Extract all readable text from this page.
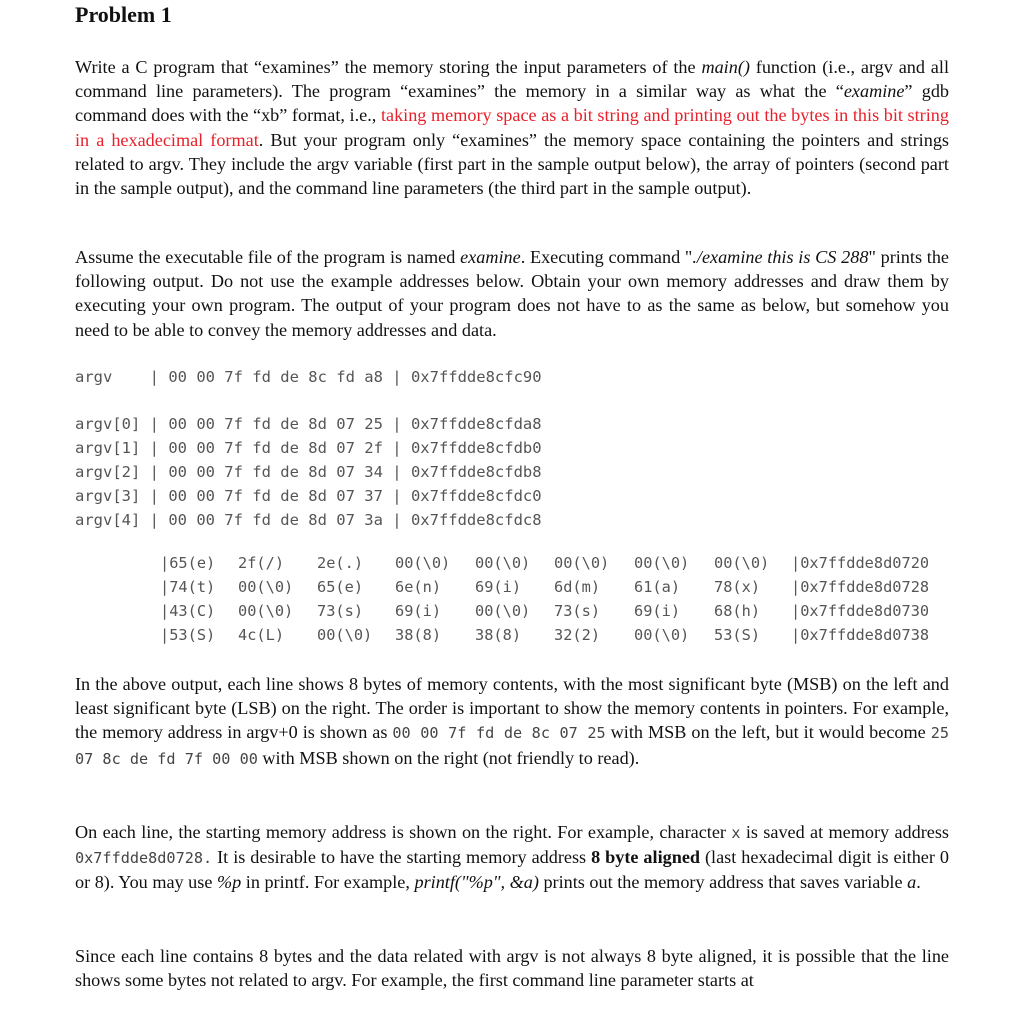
Problem 1

Write a C program that “examines” the memory storing the input parameters of the main() function (i.e., argv and all command line parameters). The program “examines” the memory in a similar way as what the “examine” gdb command does with the “xb” format, i.e., taking memory space as a bit string and printing out the bytes in this bit string in a hexadecimal format. But your program only “examines” the memory space containing the pointers and strings related to argv. They include the argv variable (first part in the sample output below), the array of pointers (second part in the sample output), and the command line parameters (the third part in the sample output).

Assume the executable file of the program is named examine. Executing command "./examine this is CS 288" prints the following output. Do not use the example addresses below. Obtain your own memory addresses and draw them by executing your own program. The output of your program does not have to as the same as below, but somehow you need to be able to convey the memory addresses and data.

argv    | 00 00 7f fd de 8c fd a8 | 0x7ffdde8cfc90
argv[0] | 00 00 7f fd de 8d 07 25 | 0x7ffdde8cfda8
argv[1] | 00 00 7f fd de 8d 07 2f | 0x7ffdde8cfdb0
argv[2] | 00 00 7f fd de 8d 07 34 | 0x7ffdde8cfdb8
argv[3] | 00 00 7f fd de 8d 07 37 | 0x7ffdde8cfdc0
argv[4] | 00 00 7f fd de 8d 07 3a | 0x7ffdde8cfdc8
|65(e) 2f(/) 2e(.) 00(\0) 00(\0) 00(\0) 00(\0) 00(\0) |0x7ffdde8d0720
|74(t) 00(\0) 65(e) 6e(n) 69(i) 6d(m) 61(a) 78(x) |0x7ffdde8d0728
|43(C) 00(\0) 73(s) 69(i) 00(\0) 73(s) 69(i) 68(h) |0x7ffdde8d0730
|53(S) 4c(L) 00(\0) 38(8) 38(8) 32(2) 00(\0) 53(S) |0x7ffdde8d0738

In the above output, each line shows 8 bytes of memory contents, with the most significant byte (MSB) on the left and least significant byte (LSB) on the right. The order is important to show the memory contents in pointers. For example, the memory address in argv+0 is shown as 00 00 7f fd de 8c 07 25 with MSB on the left, but it would become 25 07 8c de fd 7f 00 00 with MSB shown on the right (not friendly to read).

On each line, the starting memory address is shown on the right. For example, character x is saved at memory address 0x7ffdde8d0728. It is desirable to have the starting memory address 8 byte aligned (last hexadecimal digit is either 0 or 8). You may use %p in printf. For example, printf("%p", &a) prints out the memory address that saves variable a.

Since each line contains 8 bytes and the data related with argv is not always 8 byte aligned, it is possible that the line shows some bytes not related to argv. For example, the first command line parameter starts at
